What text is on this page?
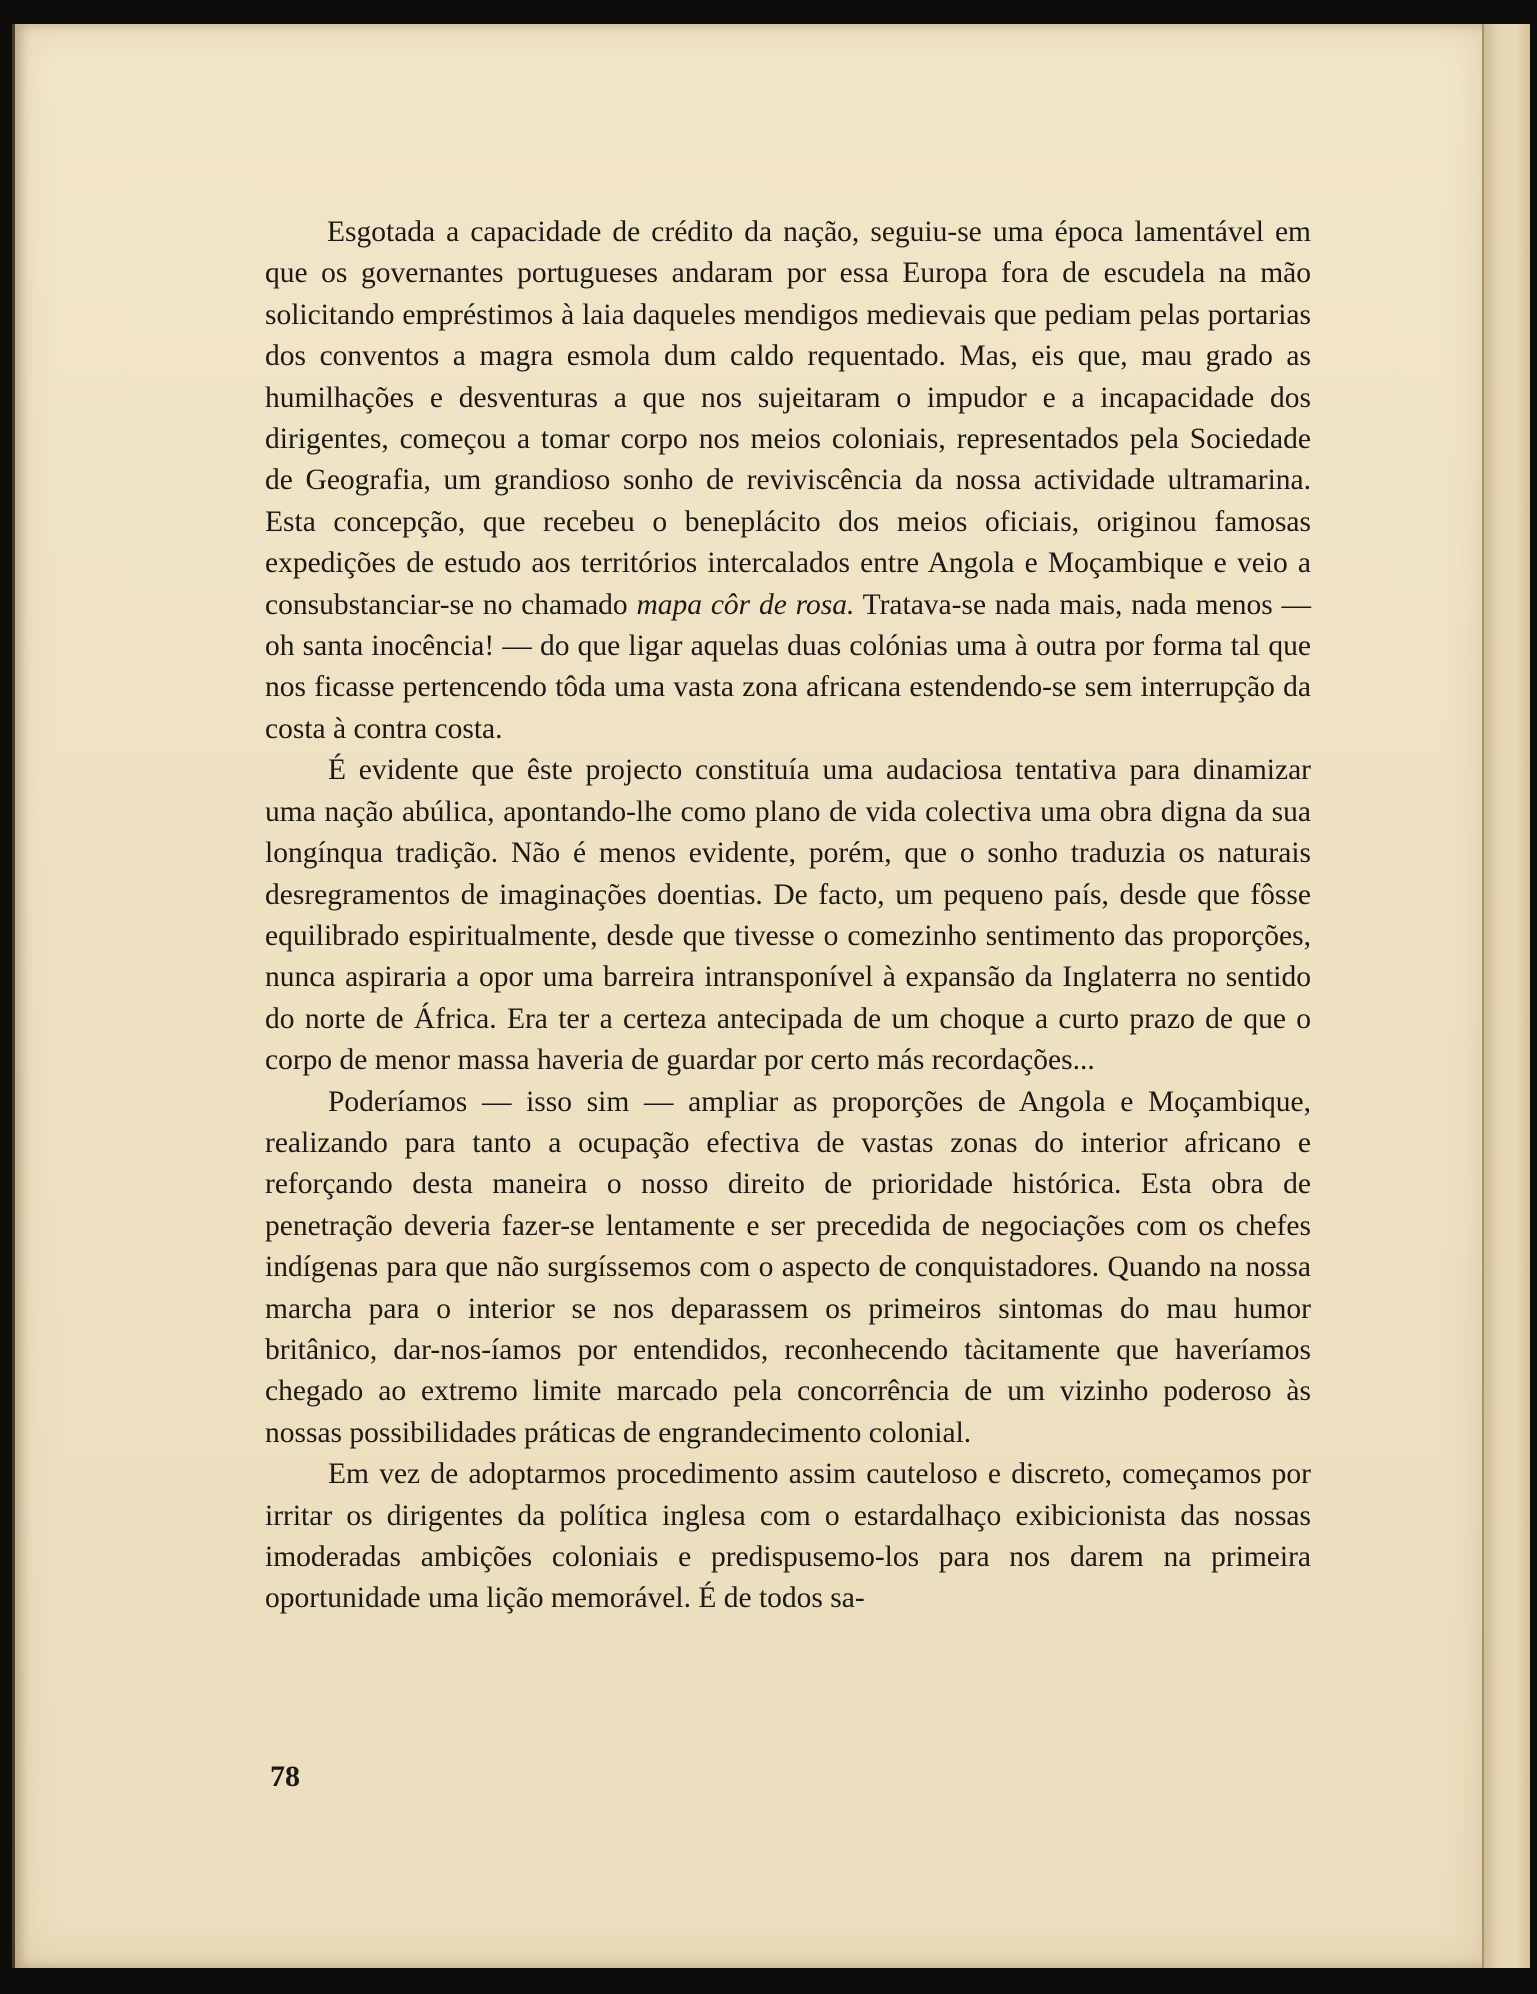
Esgotada a capacidade de crédito da nação, seguiu-se uma época lamentável em que os governantes portugueses andaram por essa Europa fora de escudela na mão solicitando empréstimos à laia daqueles mendigos medievais que pediam pelas portarias dos conventos a magra esmola dum caldo requentado. Mas, eis que, mau grado as humilhações e desventuras a que nos sujeitaram o impudor e a incapacidade dos dirigentes, começou a tomar corpo nos meios coloniais, representados pela Sociedade de Geografia, um grandioso sonho de reviviscência da nossa actividade ultramarina. Esta concepção, que recebeu o beneplácito dos meios oficiais, originou famosas expedições de estudo aos territórios intercalados entre Angola e Moçambique e veio a consubstanciar-se no chamado mapa côr de rosa. Tratava-se nada mais, nada menos — oh santa inocência! — do que ligar aquelas duas colónias uma à outra por forma tal que nos ficasse pertencendo tôda uma vasta zona africana estendendo-se sem interrupção da costa à contra costa.

É evidente que êste projecto constituía uma audaciosa tentativa para dinamizar uma nação abúlica, apontando-lhe como plano de vida colectiva uma obra digna da sua longínqua tradição. Não é menos evidente, porém, que o sonho traduzia os naturais desregramentos de imaginações doentias. De facto, um pequeno país, desde que fôsse equilibrado espiritualmente, desde que tivesse o comezinho sentimento das proporções, nunca aspiraria a opor uma barreira intransponível à expansão da Inglaterra no sentido do norte de África. Era ter a certeza antecipada de um choque a curto prazo de que o corpo de menor massa haveria de guardar por certo más recordações...

Poderíamos — isso sim — ampliar as proporções de Angola e Moçambique, realizando para tanto a ocupação efectiva de vastas zonas do interior africano e reforçando desta maneira o nosso direito de prioridade histórica. Esta obra de penetração deveria fazer-se lentamente e ser precedida de negociações com os chefes indígenas para que não surgíssemos com o aspecto de conquistadores. Quando na nossa marcha para o interior se nos deparassem os primeiros sintomas do mau humor britânico, dar-nos-íamos por entendidos, reconhecendo tàcitamente que haveríamos chegado ao extremo limite marcado pela concorrência de um vizinho poderoso às nossas possibilidades práticas de engrandecimento colonial.

Em vez de adoptarmos procedimento assim cauteloso e discreto, começamos por irritar os dirigentes da política inglesa com o estardalhaço exibicionista das nossas imoderadas ambições coloniais e predispusemo-los para nos darem na primeira oportunidade uma lição memorável. É de todos sa-

78
